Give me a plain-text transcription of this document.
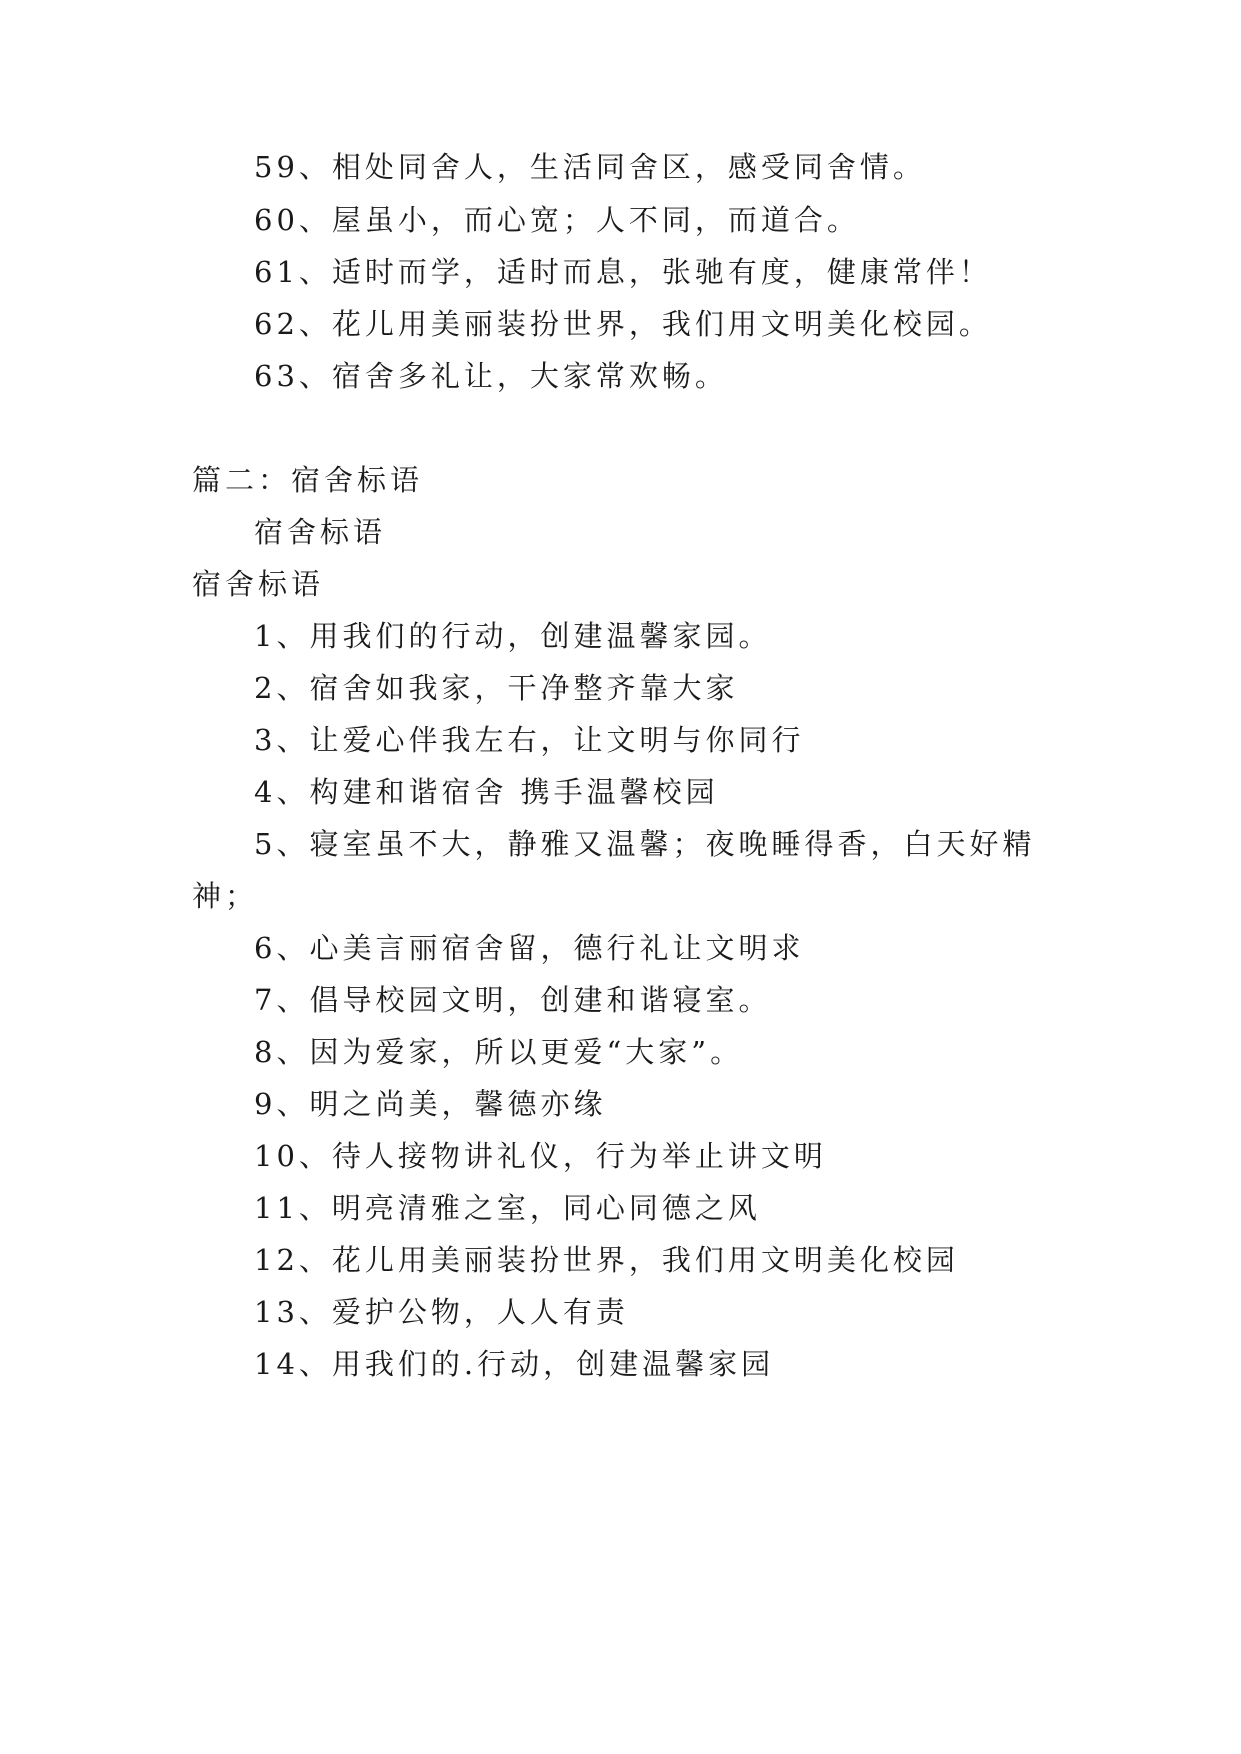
59、相处同舍人，生活同舍区，感受同舍情。
60、屋虽小，而心宽；人不同，而道合。
61、适时而学，适时而息，张驰有度，健康常伴！
62、花儿用美丽装扮世界，我们用文明美化校园。
63、宿舍多礼让，大家常欢畅。
篇二：宿舍标语
宿舍标语
宿舍标语
1、用我们的行动，创建温馨家园。
2、宿舍如我家，干净整齐靠大家
3、让爱心伴我左右，让文明与你同行
4、构建和谐宿舍 携手温馨校园
5、寝室虽不大，静雅又温馨；夜晚睡得香，白天好精
神；
6、心美言丽宿舍留，德行礼让文明求
7、倡导校园文明，创建和谐寝室。
8、因为爱家，所以更爱“大家”。
9、明之尚美，馨德亦缘
10、待人接物讲礼仪，行为举止讲文明
11、明亮清雅之室，同心同德之风
12、花儿用美丽装扮世界，我们用文明美化校园
13、爱护公物，人人有责
14、用我们的.行动，创建温馨家园
